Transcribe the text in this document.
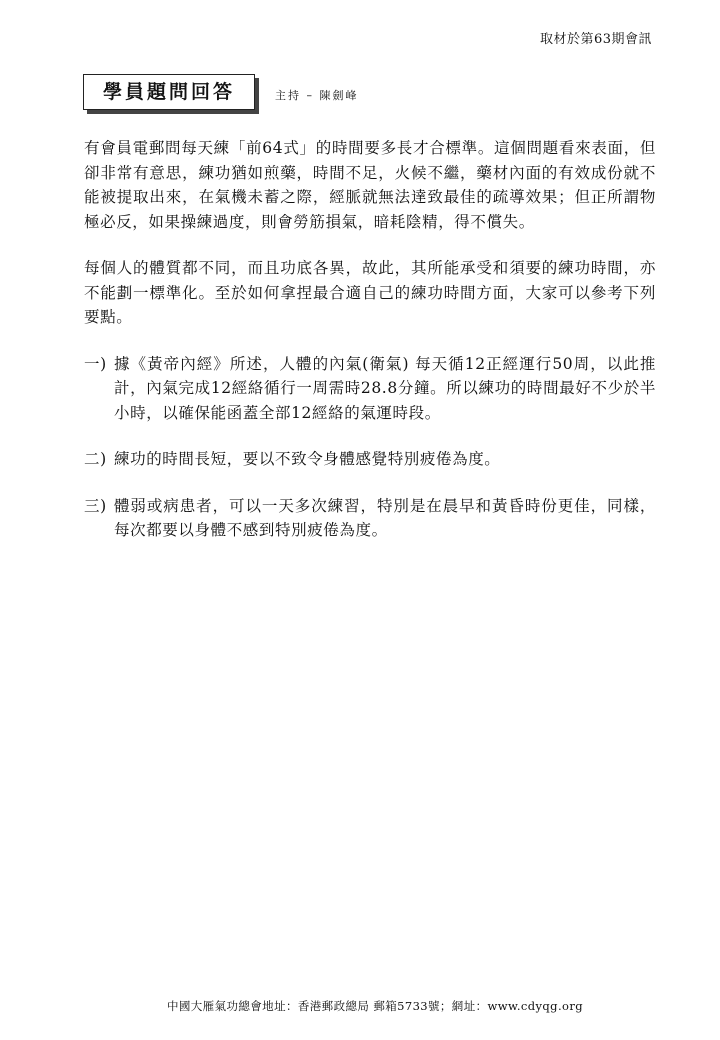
取材於第63期會訊
學員題問回答	主持 – 陳劍峰

有會員電郵問每天練「前64式」的時間要多長才合標準。這個問題看來表面，但卻非常有意思，練功猶如煎藥，時間不足，火候不繼，藥材內面的有效成份就不能被提取出來，在氣機未蓄之際，經脈就無法達致最佳的疏導效果；但正所謂物極必反，如果操練過度，則會勞筋損氣，暗耗陰精，得不償失。

每個人的體質都不同，而且功底各異，故此，其所能承受和須要的練功時間，亦不能劃一標準化。至於如何拿捏最合適自己的練功時間方面，大家可以參考下列要點。

一) 據《黃帝內經》所述，人體的內氣(衛氣) 每天循12正經運行50周，以此推計，內氣完成12經絡循行一周需時28.8分鐘。所以練功的時間最好不少於半小時，以確保能函蓋全部12經絡的氣運時段。
二) 練功的時間長短，要以不致令身體感覺特別疲倦為度。
三) 體弱或病患者，可以一天多次練習，特別是在晨早和黃昏時份更佳，同樣，每次都要以身體不感到特別疲倦為度。
中國大雁氣功總會地址：香港郵政總局 郵箱5733號；網址：www.cdyqg.org
